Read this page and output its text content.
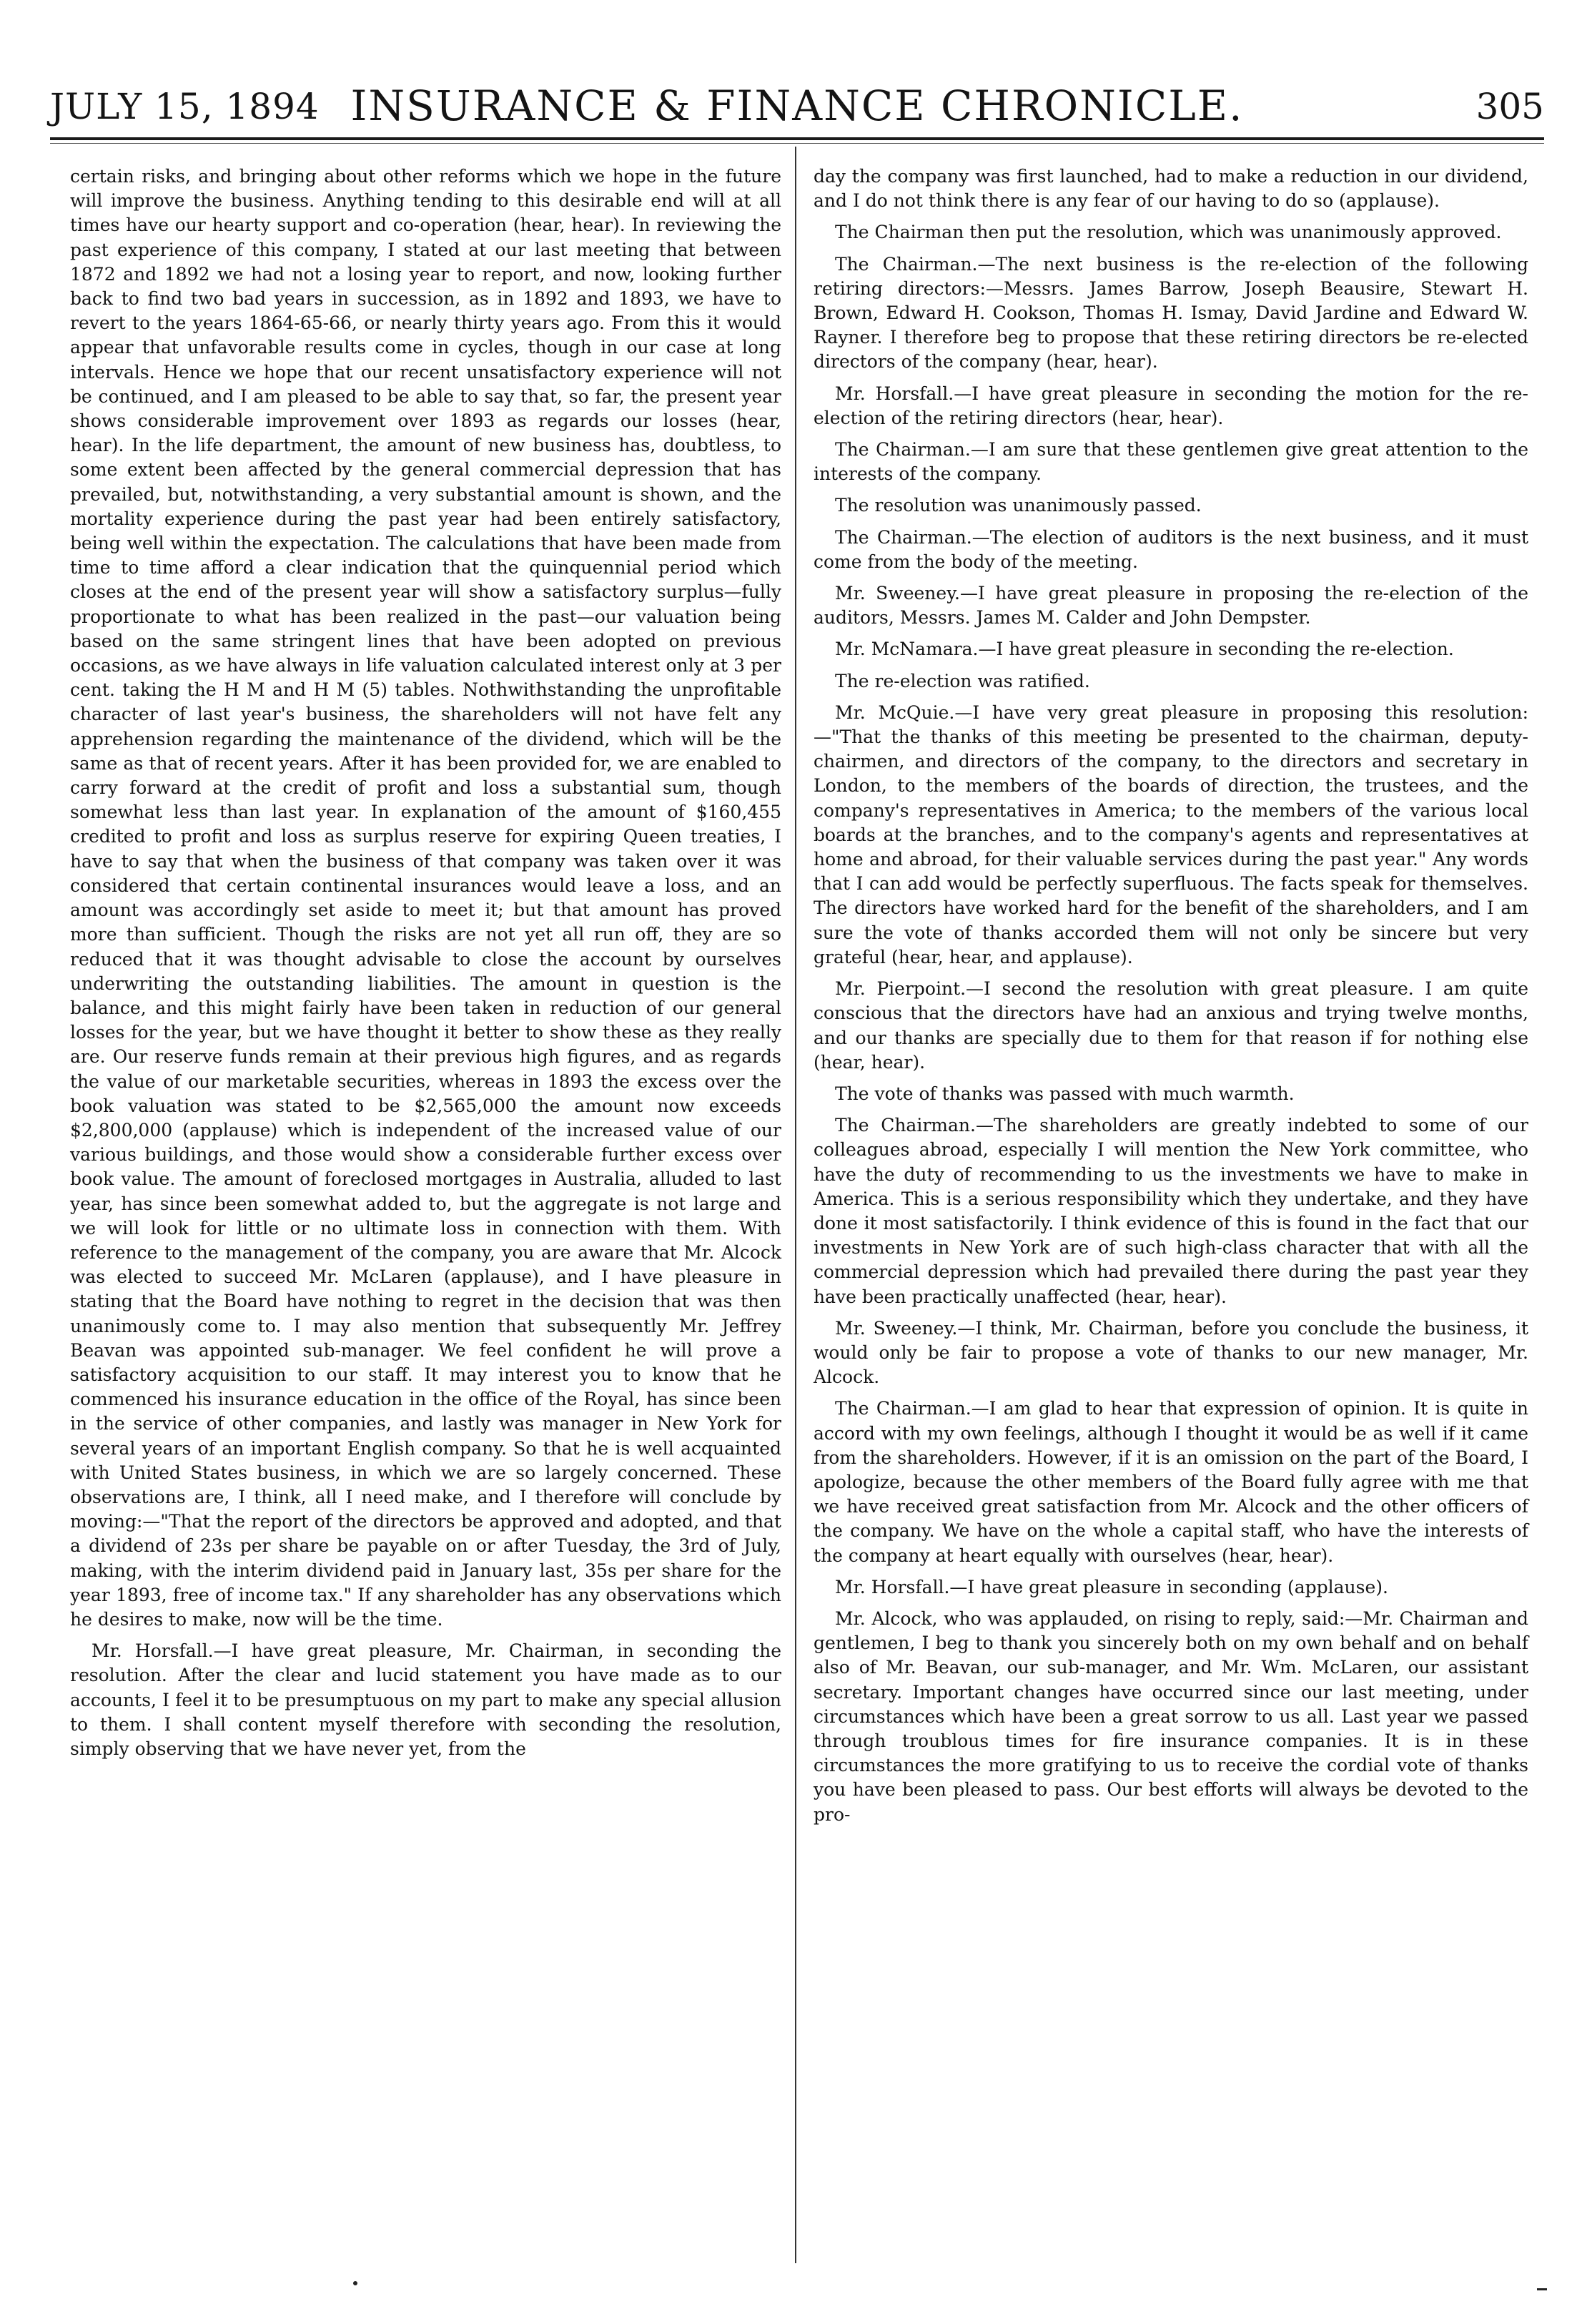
JULY 15, 1894 INSURANCE & FINANCE CHRONICLE.	305

certain risks, and bringing about other reforms which we hope in the future will improve the business. Anything tending to this desirable end will at all times have our hearty support and co-operation (hear, hear). In reviewing the past experience of this company, I stated at our last meeting that between 1872 and 1892 we had not a losing year to report, and now, looking further back to find two bad years in succession, as in 1892 and 1893, we have to revert to the years 1864-65-66, or nearly thirty years ago. From this it would appear that unfavorable results come in cycles, though in our case at long intervals. Hence we hope that our recent unsatisfactory experience will not be continued, and I am pleased to be able to say that, so far, the present year shows considerable improvement over 1893 as regards our losses (hear, hear). In the life department, the amount of new business has, doubtless, to some extent been affected by the general commercial depression that has prevailed, but, notwithstanding, a very substantial amount is shown, and the mortality experience during the past year had been entirely satisfactory, being well within the expectation. The calculations that have been made from time to time afford a clear indication that the quinquennial period which closes at the end of the present year will show a satisfactory surplus—fully proportionate to what has been realized in the past—our valuation being based on the same stringent lines that have been adopted on previous occasions, as we have always in life valuation calculated interest only at 3 per cent. taking the H M and H M (5) tables. Nothwithstanding the unprofitable character of last year's business, the shareholders will not have felt any apprehension regarding the maintenance of the dividend, which will be the same as that of recent years. After it has been provided for, we are enabled to carry forward at the credit of profit and loss a substantial sum, though somewhat less than last year. In explanation of the amount of $160,455 credited to profit and loss as surplus reserve for expiring Queen treaties, I have to say that when the business of that company was taken over it was considered that certain continental insurances would leave a loss, and an amount was accordingly set aside to meet it; but that amount has proved more than sufficient. Though the risks are not yet all run off, they are so reduced that it was thought advisable to close the account by ourselves underwriting the outstanding liabilities. The amount in question is the balance, and this might fairly have been taken in reduction of our general losses for the year, but we have thought it better to show these as they really are. Our reserve funds remain at their previous high figures, and as regards the value of our marketable securities, whereas in 1893 the excess over the book valuation was stated to be $2,565,000 the amount now exceeds $2,800,000 (applause) which is independent of the increased value of our various buildings, and those would show a considerable further excess over book value. The amount of foreclosed mortgages in Australia, alluded to last year, has since been somewhat added to, but the aggregate is not large and we will look for little or no ultimate loss in connection with them. With reference to the management of the company, you are aware that Mr. Alcock was elected to succeed Mr. McLaren (applause), and I have pleasure in stating that the Board have nothing to regret in the decision that was then unanimously come to. I may also mention that subsequently Mr. Jeffrey Beavan was appointed sub-manager. We feel confident he will prove a satisfactory acquisition to our staff. It may interest you to know that he commenced his insurance education in the office of the Royal, has since been in the service of other companies, and lastly was manager in New York for several years of an important English company. So that he is well acquainted with United States business, in which we are so largely concerned. These observations are, I think, all I need make, and I therefore will conclude by moving:—"That the report of the directors be approved and adopted, and that a dividend of 23s per share be payable on or after Tuesday, the 3rd of July, making, with the interim dividend paid in January last, 35s per share for the year 1893, free of income tax." If any shareholder has any observations which he desires to make, now will be the time.

Mr. Horsfall.—I have great pleasure, Mr. Chairman, in seconding the resolution. After the clear and lucid statement you have made as to our accounts, I feel it to be presumptuous on my part to make any special allusion to them. I shall content myself therefore with seconding the resolution, simply observing that we have never yet, from the

day the company was first launched, had to make a reduction in our dividend, and I do not think there is any fear of our having to do so (applause).

The Chairman then put the resolution, which was unanimously approved.

The Chairman.—The next business is the re-election of the following retiring directors:—Messrs. James Barrow, Joseph Beausire, Stewart H. Brown, Edward H. Cookson, Thomas H. Ismay, David Jardine and Edward W. Rayner. I therefore beg to propose that these retiring directors be re-elected directors of the company (hear, hear).

Mr. Horsfall.—I have great pleasure in seconding the motion for the re-election of the retiring directors (hear, hear).

The Chairman.—I am sure that these gentlemen give great attention to the interests of the company.

The resolution was unanimously passed.

The Chairman.—The election of auditors is the next business, and it must come from the body of the meeting.

Mr. Sweeney.—I have great pleasure in proposing the re-election of the auditors, Messrs. James M. Calder and John Dempster.

Mr. McNamara.—I have great pleasure in seconding the re-election.

The re-election was ratified.

Mr. McQuie.—I have very great pleasure in proposing this resolution:—"That the thanks of this meeting be presented to the chairman, deputy-chairmen, and directors of the company, to the directors and secretary in London, to the members of the boards of direction, the trustees, and the company's representatives in America; to the members of the various local boards at the branches, and to the company's agents and representatives at home and abroad, for their valuable services during the past year." Any words that I can add would be perfectly superfluous. The facts speak for themselves. The directors have worked hard for the benefit of the shareholders, and I am sure the vote of thanks accorded them will not only be sincere but very grateful (hear, hear, and applause).

Mr. Pierpoint.—I second the resolution with great pleasure. I am quite conscious that the directors have had an anxious and trying twelve months, and our thanks are specially due to them for that reason if for nothing else (hear, hear).

The vote of thanks was passed with much warmth.

The Chairman.—The shareholders are greatly indebted to some of our colleagues abroad, especially I will mention the New York committee, who have the duty of recommending to us the investments we have to make in America. This is a serious responsibility which they undertake, and they have done it most satisfactorily. I think evidence of this is found in the fact that our investments in New York are of such high-class character that with all the commercial depression which had prevailed there during the past year they have been practically unaffected (hear, hear).

Mr. Sweeney.—I think, Mr. Chairman, before you conclude the business, it would only be fair to propose a vote of thanks to our new manager, Mr. Alcock.

The Chairman.—I am glad to hear that expression of opinion. It is quite in accord with my own feelings, although I thought it would be as well if it came from the shareholders. However, if it is an omission on the part of the Board, I apologize, because the other members of the Board fully agree with me that we have received great satisfaction from Mr. Alcock and the other officers of the company. We have on the whole a capital staff, who have the interests of the company at heart equally with ourselves (hear, hear).

Mr. Horsfall.—I have great pleasure in seconding (applause).

Mr. Alcock, who was applauded, on rising to reply, said:—Mr. Chairman and gentlemen, I beg to thank you sincerely both on my own behalf and on behalf also of Mr. Beavan, our sub-manager, and Mr. Wm. McLaren, our assistant secretary. Important changes have occurred since our last meeting, under circumstances which have been a great sorrow to us all. Last year we passed through troublous times for fire insurance companies. It is in these circumstances the more gratifying to us to receive the cordial vote of thanks you have been pleased to pass. Our best efforts will always be devoted to the pro-
